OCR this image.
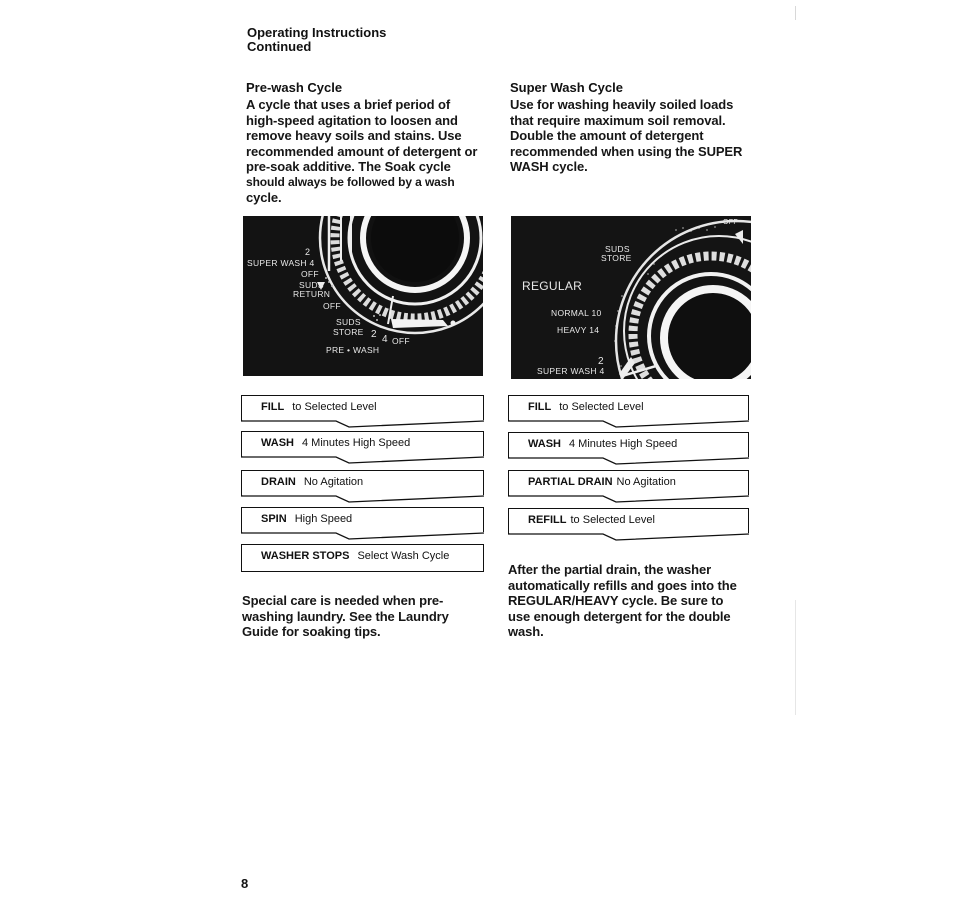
Operating Instructions
Continued
Pre-wash Cycle
A cycle that uses a brief period of
high-speed agitation to loosen and
remove heavy soils and stains. Use
recommended amount of detergent or
pre-soak additive. The Soak cycle
should always be followed by a wash
cycle.
Super Wash Cycle
Use for washing heavily soiled loads
that require maximum soil removal.
Double the amount of detergent
recommended when using the SUPER
WASH cycle.
2
SUPER WASH 4
OFF
SUDS
RETURN
OFF
SUDS
STORE 2 4 OFF
PRE • WASH
OFF
SUDS
STORE
REGULAR
NORMAL 10
HEAVY 14
2
SUPER WASH 4
FILL to Selected Level
WASH 4 Minutes High Speed
DRAIN No Agitation
SPIN High Speed
WASHER STOPS Select Wash Cycle
FILL to Selected Level
WASH 4 Minutes High Speed
PARTIAL DRAIN No Agitation
REFILL to Selected Level
Special care is needed when pre-
washing laundry. See the Laundry
Guide for soaking tips.
After the partial drain, the washer
automatically refills and goes into the
REGULAR/HEAVY cycle. Be sure to
use enough detergent for the double
wash.
8
